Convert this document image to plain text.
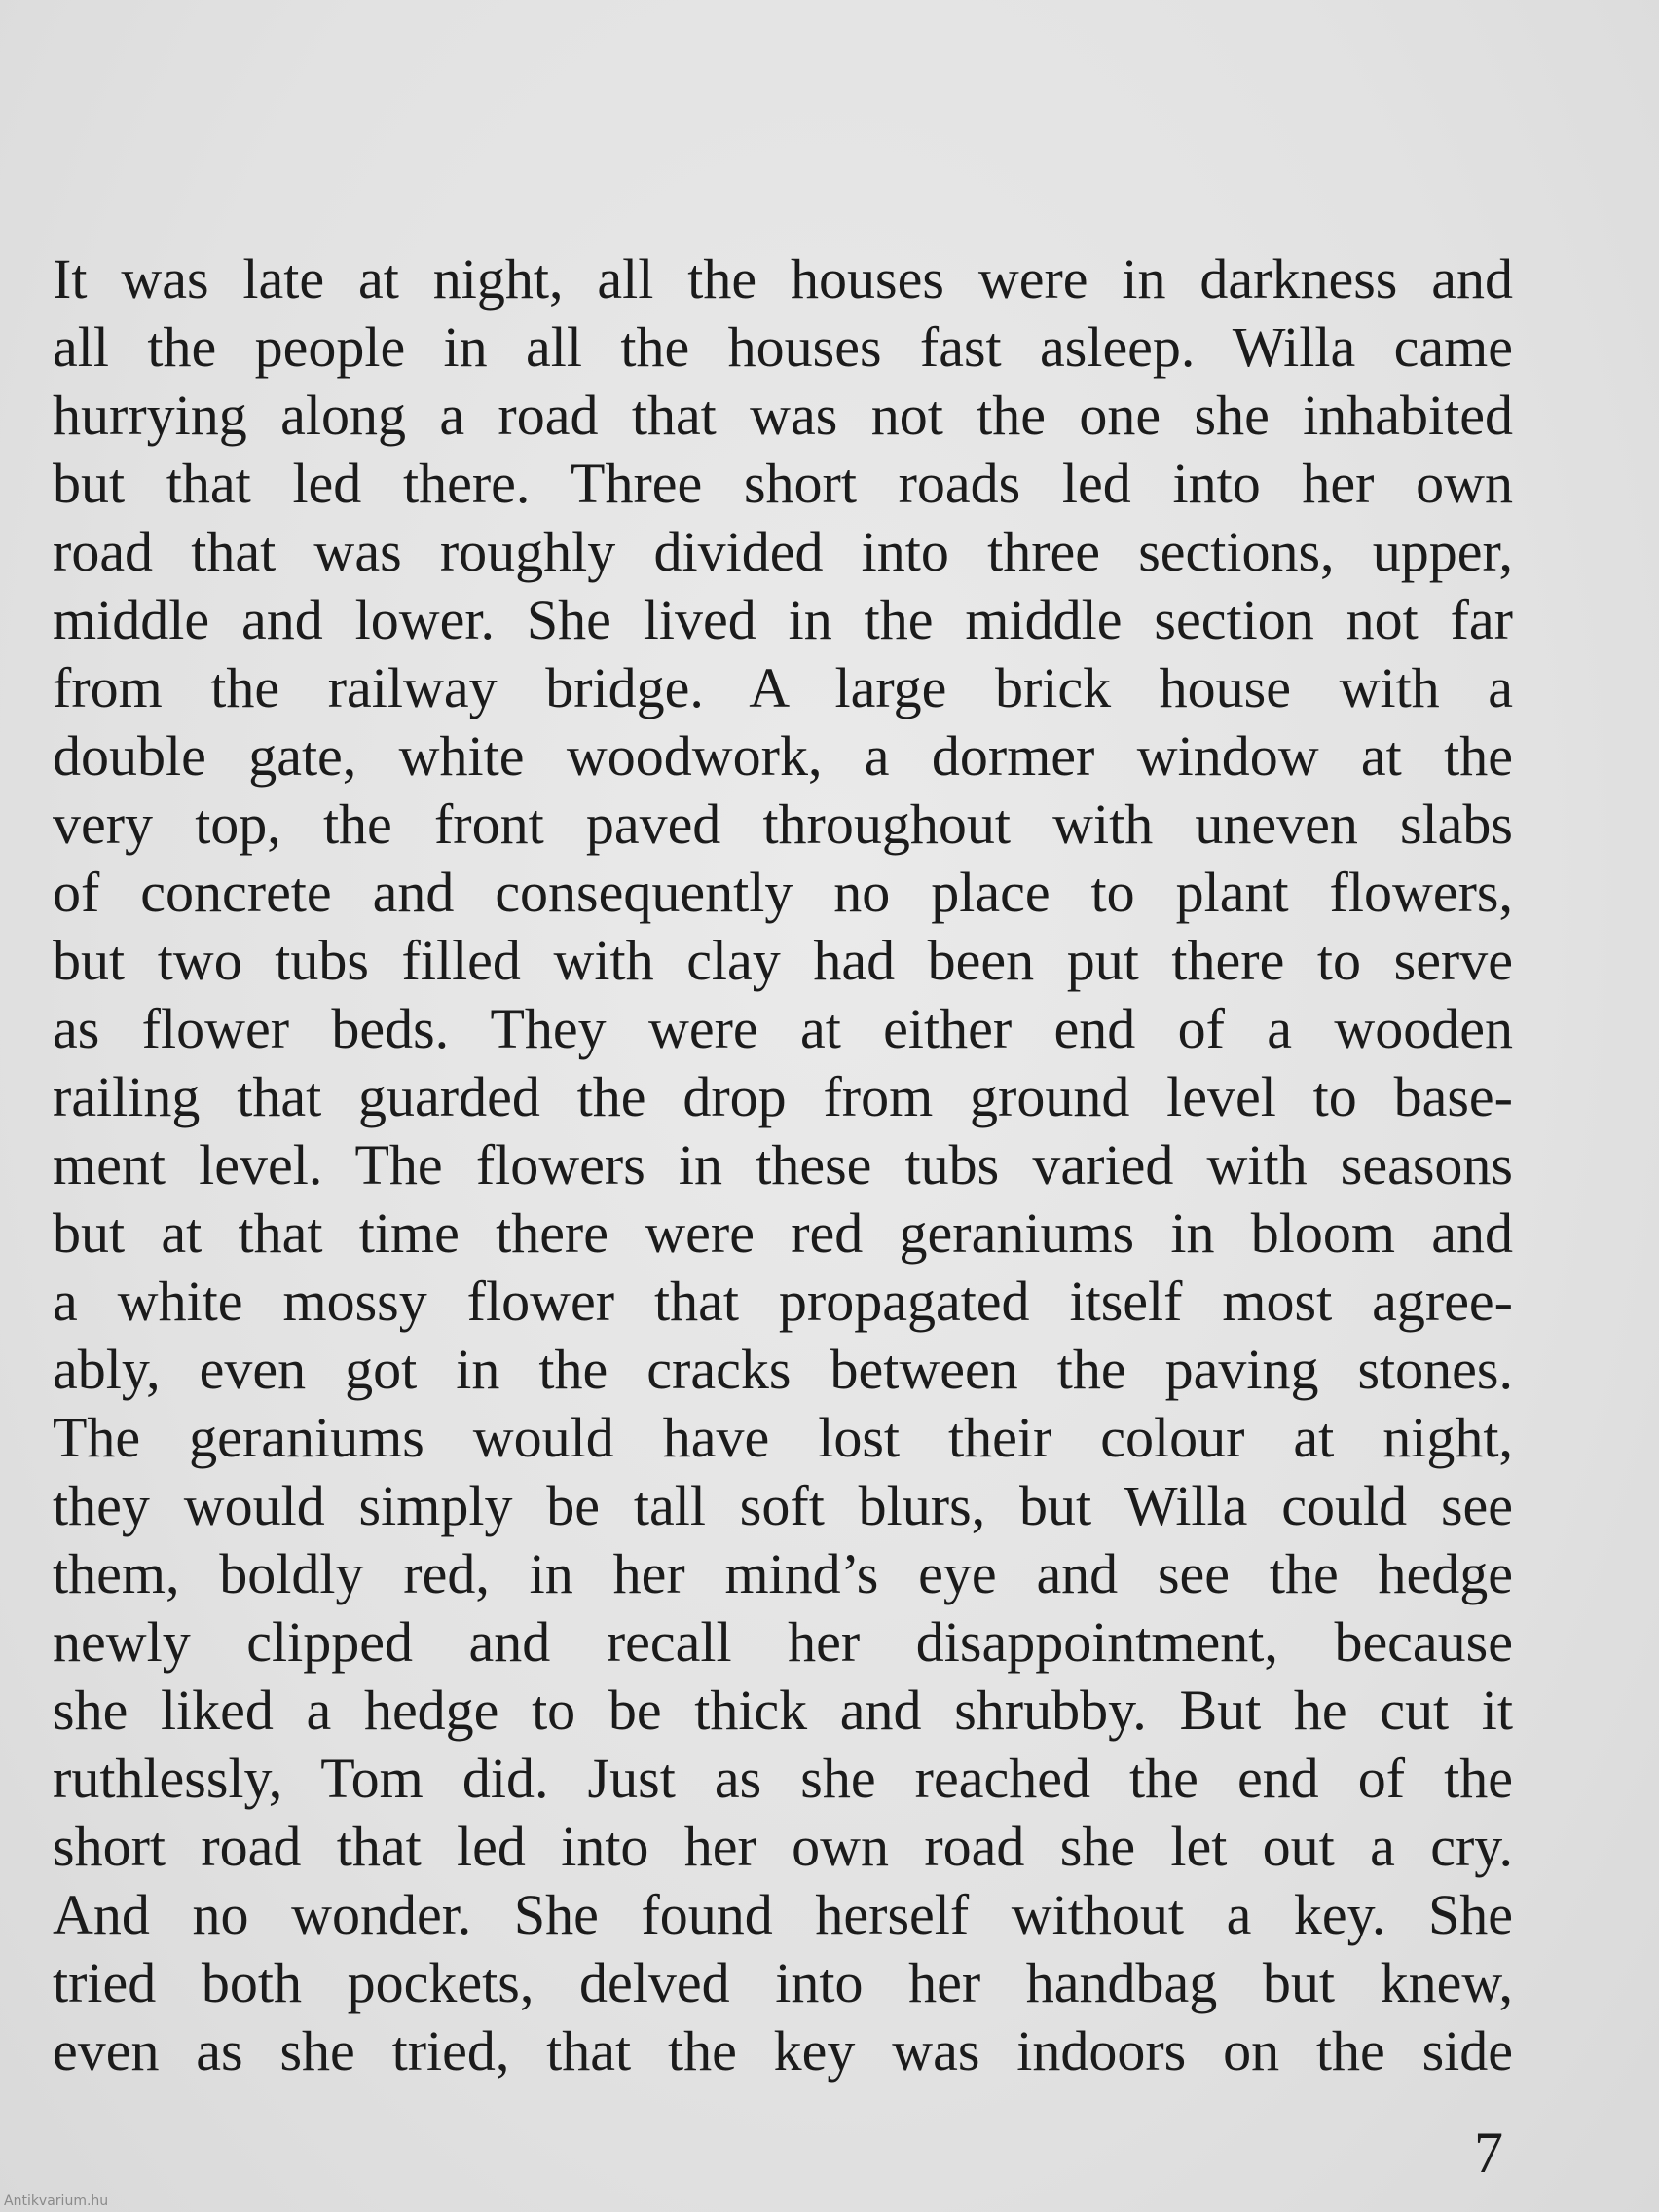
It was late at night, all the houses were in darkness and
all the people in all the houses fast asleep. Willa came
hurrying along a road that was not the one she inhabited
but that led there. Three short roads led into her own
road that was roughly divided into three sections, upper,
middle and lower. She lived in the middle section not far
from the railway bridge. A large brick house with a
double gate, white woodwork, a dormer window at the
very top, the front paved throughout with uneven slabs
of concrete and consequently no place to plant flowers,
but two tubs filled with clay had been put there to serve
as flower beds. They were at either end of a wooden
railing that guarded the drop from ground level to base-
ment level. The flowers in these tubs varied with seasons
but at that time there were red geraniums in bloom and
a white mossy flower that propagated itself most agree-
ably, even got in the cracks between the paving stones.
The geraniums would have lost their colour at night,
they would simply be tall soft blurs, but Willa could see
them, boldly red, in her mind’s eye and see the hedge
newly clipped and recall her disappointment, because
she liked a hedge to be thick and shrubby. But he cut it
ruthlessly, Tom did. Just as she reached the end of the
short road that led into her own road she let out a cry.
And no wonder. She found herself without a key. She
tried both pockets, delved into her handbag but knew,
even as she tried, that the key was indoors on the side
7
Antikvarium.hu
